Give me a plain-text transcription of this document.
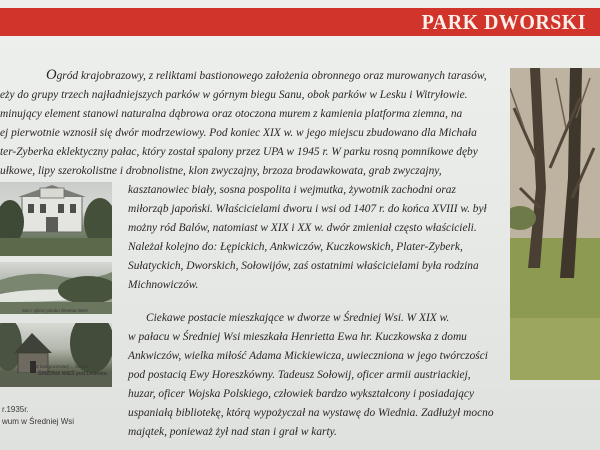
PARK DWORSKI
Ogród krajobrazowy, z reliktami bastionowego założenia obronnego oraz murowanych tarasów,
eży do grupy trzech najładniejszych parków w górnym biegu Sanu, obok parków w Lesku i Witryłowie.
minujący element stanowi naturalna dąbrowa oraz otoczona murem z kamienia platforma ziemna, na
ej pierwotnie wznosił się dwór modrzewiowy. Pod koniec XIX w. w jego miejscu zbudowano dla Michała
ter-Zyberka eklektyczny pałac, który został spalony przez UPA w 1945 r. W parku rosną pomnikowe dęby
ułkowe, lipy szerokolistne i drobnolistne, klon zwyczajny, brzoza brodawkowata, grab zwyczajny,
kasztanowiec biały, sosna pospolita i wejmutka, żywotnik zachodni oraz
miłorząb japoński. Właścicielami dworu i wsi od 1407 r. do końca XVIII w. był
możny ród Balów, natomiast w XIX i XX w. dwór zmieniał często właścicieli.
Należał kolejno do: Łępickich, Ankwiczów, Kuczkowskich, Plater-Zyberk,
Sułatyckich, Dworskich, Sołowijów, zaś ostatnimi właścicielami była rodzina
Michnowiczów.
Ciekawe postacie mieszkające w dworze w Średniej Wsi. W XIX w.
w pałacu w Średniej Wsi mieszkała Henrietta Ewa hr. Kuczkowska z domu
Ankwiczów, wielka miłość Adama Mickiewicza, uwieczniona w jego twórczości
pod postacią Ewy Horeszkówny. Tadeusz Sołowij, oficer armii austriackiej,
huzar, oficer Wojska Polskiego, człowiek bardzo wykształcony i posiadający
uspaniałą bibliotekę, którą wypożyczał na wystawę do Wiednia. Zadłużył mocno
majątek, ponieważ żył nad stan i grał w karty.
San i ujście potoku Średnia Wieś
Z kart pocztowej ... Sanok
ŚREDNIA WIEŚ pod Leskiem.
r.1935r.
wum w Średniej Wsi
